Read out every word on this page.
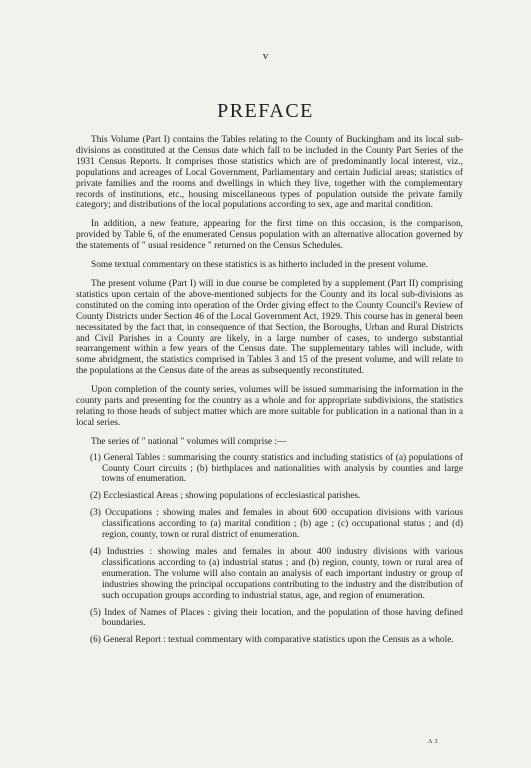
v
PREFACE

This Volume (Part I) contains the Tables relating to the County of Buckingham and its local sub-divisions as constituted at the Census date which fall to be included in the County Part Series of the 1931 Census Reports. It comprises those statistics which are of predominantly local interest, viz., populations and acreages of Local Government, Parliamentary and certain Judicial areas; statistics of private families and the rooms and dwellings in which they live, together with the complementary records of institutions, etc., housing miscellaneous types of population outside the private family category; and distributions of the local populations according to sex, age and marital condition.

In addition, a new feature, appearing for the first time on this occasion, is the comparison, provided by Table 6, of the enumerated Census population with an alternative allocation governed by the statements of " usual residence " returned on the Census Schedules.

Some textual commentary on these statistics is as hitherto included in the present volume.

The present volume (Part I) will in due course be completed by a supplement (Part II) comprising statistics upon certain of the above-mentioned subjects for the County and its local sub-divisions as constituted on the coming into operation of the Order giving effect to the County Council's Review of County Districts under Section 46 of the Local Government Act, 1929. This course has in general been necessitated by the fact that, in consequence of that Section, the Boroughs, Urban and Rural Districts and Civil Parishes in a County are likely, in a large number of cases, to undergo substantial rearrangement within a few years of the Census date. The supplementary tables will include, with some abridgment, the statistics comprised in Tables 3 and 15 of the present volume, and will relate to the populations at the Census date of the areas as subsequently reconstituted.

Upon completion of the county series, volumes will be issued summarising the information in the county parts and presenting for the country as a whole and for appropriate subdivisions, the statistics relating to those heads of subject matter which are more suitable for publication in a national than in a local series.

The series of " national " volumes will comprise :—

(1) General Tables : summarising the county statistics and including statistics of (a) populations of County Court circuits ; (b) birthplaces and nationalities with analysis by counties and large towns of enumeration.
(2) Ecclesiastical Areas ; showing populations of ecclesiastical parishes.
(3) Occupations : showing males and females in about 600 occupation divisions with various classifications according to (a) marital condition ; (b) age ; (c) occupational status ; and (d) region, county, town or rural district of enumeration.
(4) Industries : showing males and females in about 400 industry divisions with various classifications according to (a) industrial status ; and (b) region, county, town or rural area of enumeration. The volume will also contain an analysis of each important industry or group of industries showing the principal occupations contributing to the industry and the distribution of such occupation groups according to industrial status, age, and region of enumeration.
(5) Index of Names of Places : giving their location, and the population of those having defined boundaries.
(6) General Report : textual commentary with comparative statistics upon the Census as a whole.
A 3
